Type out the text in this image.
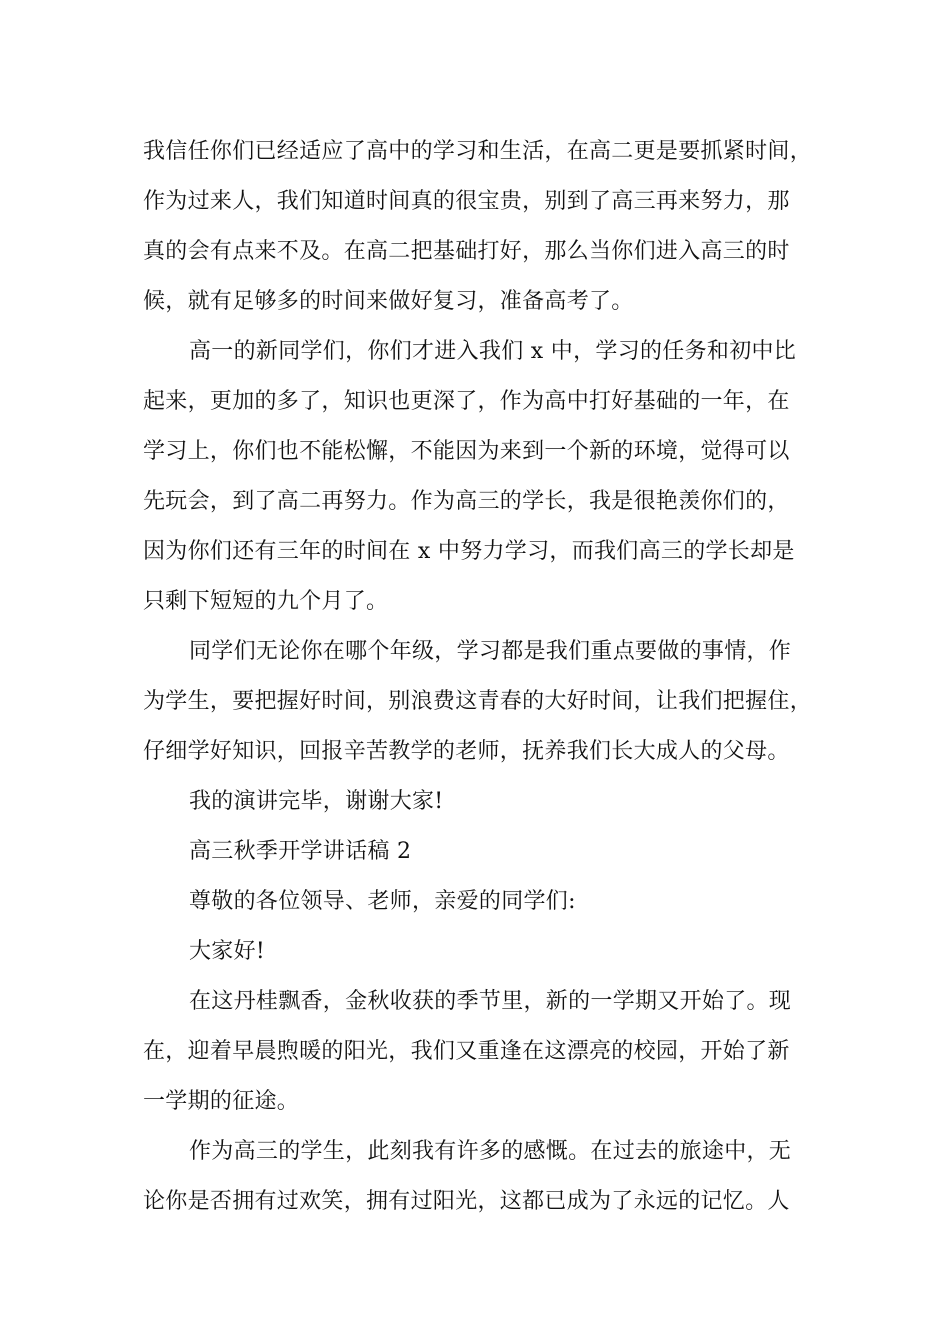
我信任你们已经适应了高中的学习和生活，在高二更是要抓紧时间，
作为过来人，我们知道时间真的很宝贵，别到了高三再来努力，那
真的会有点来不及。在高二把基础打好，那么当你们进入高三的时
候，就有足够多的时间来做好复习，准备高考了。
高一的新同学们，你们才进入我们 x 中，学习的任务和初中比
起来，更加的多了，知识也更深了，作为高中打好基础的一年，在
学习上，你们也不能松懈，不能因为来到一个新的环境，觉得可以
先玩会，到了高二再努力。作为高三的学长，我是很艳羡你们的，
因为你们还有三年的时间在 x 中努力学习，而我们高三的学长却是
只剩下短短的九个月了。
同学们无论你在哪个年级，学习都是我们重点要做的事情，作
为学生，要把握好时间，别浪费这青春的大好时间，让我们把握住，
仔细学好知识，回报辛苦教学的老师，抚养我们长大成人的父母。
我的演讲完毕，谢谢大家!
高三秋季开学讲话稿 2
尊敬的各位领导、老师，亲爱的同学们:
大家好!
在这丹桂飘香，金秋收获的季节里，新的一学期又开始了。现
在，迎着早晨煦暖的阳光，我们又重逢在这漂亮的校园，开始了新
一学期的征途。
作为高三的学生，此刻我有许多的感慨。在过去的旅途中，无
论你是否拥有过欢笑，拥有过阳光，这都已成为了永远的记忆。人
